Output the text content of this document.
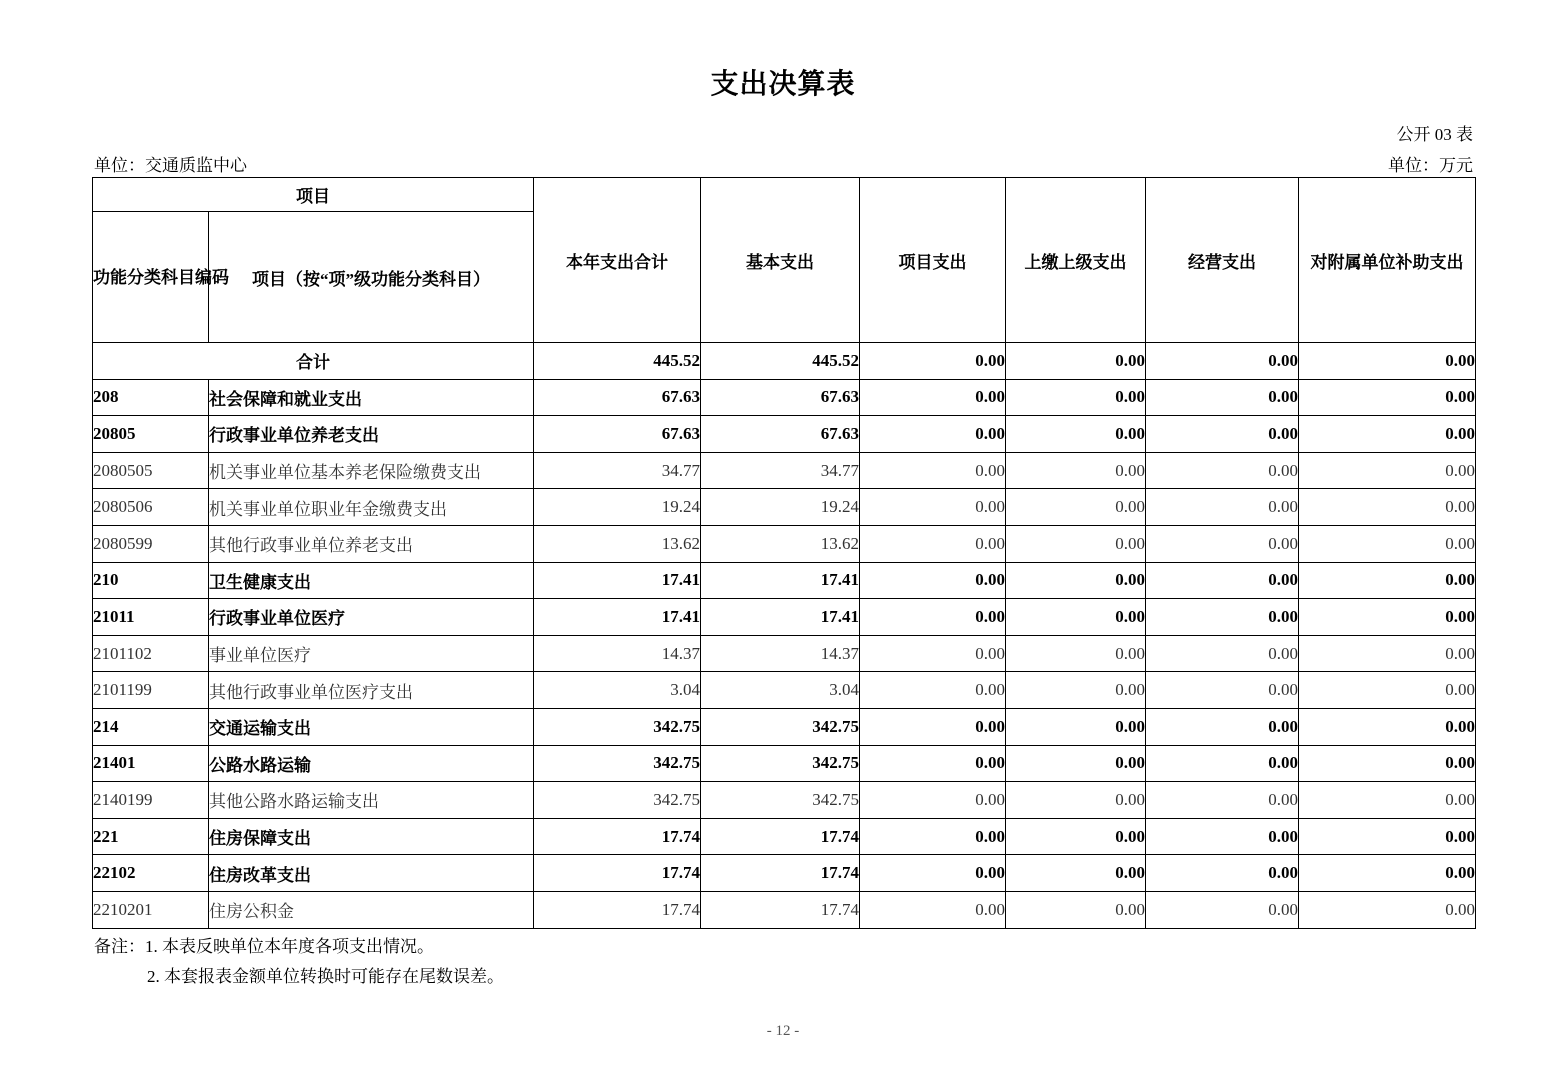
支出决算表
公开 03 表
单位：交通质监中心	单位：万元
项目		本年支出合计	基本支出	项目支出	上缴上级支出	经营支出	对附属单位补助支出
功能分类科目编码	项目（按“项”级功能分类科目）						
合计		445.52	445.52	0.00	0.00	0.00	0.00
208	社会保障和就业支出	67.63	67.63	0.00	0.00	0.00	0.00
20805	行政事业单位养老支出	67.63	67.63	0.00	0.00	0.00	0.00
2080505	机关事业单位基本养老保险缴费支出	34.77	34.77	0.00	0.00	0.00	0.00
2080506	机关事业单位职业年金缴费支出	19.24	19.24	0.00	0.00	0.00	0.00
2080599	其他行政事业单位养老支出	13.62	13.62	0.00	0.00	0.00	0.00
210	卫生健康支出	17.41	17.41	0.00	0.00	0.00	0.00
21011	行政事业单位医疗	17.41	17.41	0.00	0.00	0.00	0.00
2101102	事业单位医疗	14.37	14.37	0.00	0.00	0.00	0.00
2101199	其他行政事业单位医疗支出	3.04	3.04	0.00	0.00	0.00	0.00
214	交通运输支出	342.75	342.75	0.00	0.00	0.00	0.00
21401	公路水路运输	342.75	342.75	0.00	0.00	0.00	0.00
2140199	其他公路水路运输支出	342.75	342.75	0.00	0.00	0.00	0.00
221	住房保障支出	17.74	17.74	0.00	0.00	0.00	0.00
22102	住房改革支出	17.74	17.74	0.00	0.00	0.00	0.00
2210201	住房公积金	17.74	17.74	0.00	0.00	0.00	0.00
备注：1. 本表反映单位本年度各项支出情况。
2. 本套报表金额单位转换时可能存在尾数误差。
- 12 -
